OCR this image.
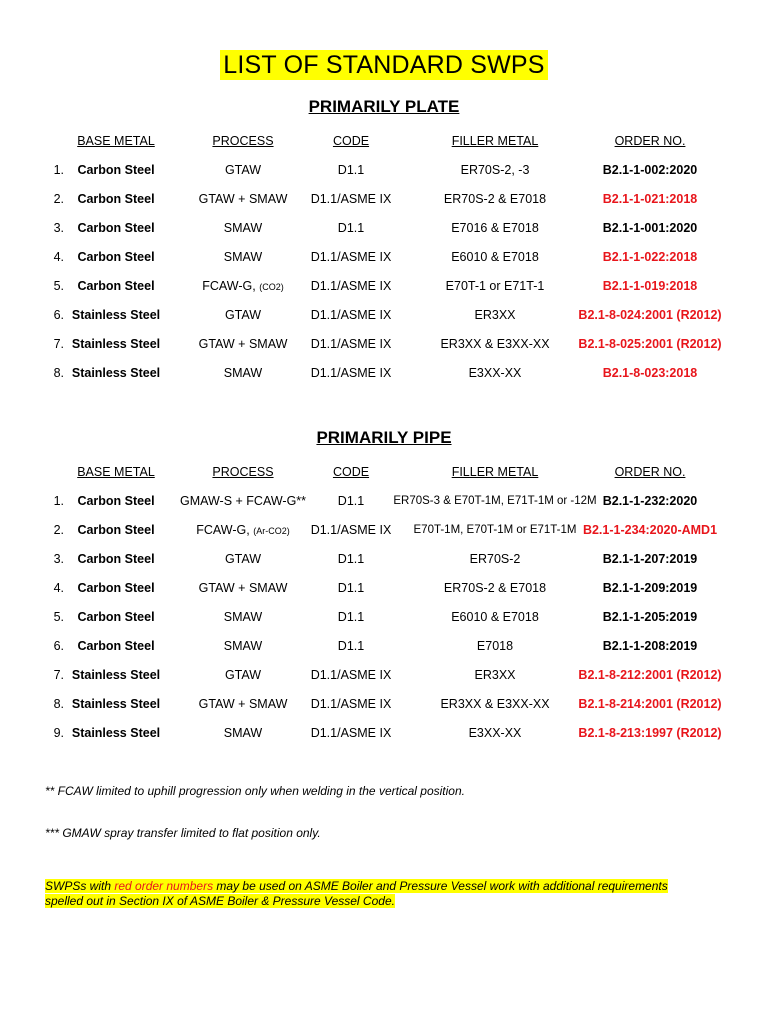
LIST OF STANDARD SWPS
PRIMARILY PLATE
BASE METAL	PROCESS	CODE	FILLER METAL	ORDER NO.
1.	Carbon Steel	GTAW	D1.1	ER70S-2, -3	B2.1-1-002:2020
2.	Carbon Steel	GTAW + SMAW	D1.1/ASME IX	ER70S-2 & E7018	B2.1-1-021:2018
3.	Carbon Steel	SMAW	D1.1	E7016 & E7018	B2.1-1-001:2020
4.	Carbon Steel	SMAW	D1.1/ASME IX	E6010 & E7018	B2.1-1-022:2018
5.	Carbon Steel	FCAW-G, (CO2)	D1.1/ASME IX	E70T-1 or E71T-1	B2.1-1-019:2018
6. Stainless Steel	GTAW	D1.1/ASME IX	ER3XX	B2.1-8-024:2001 (R2012)
7. Stainless Steel	GTAW + SMAW	D1.1/ASME IX	ER3XX & E3XX-XX	B2.1-8-025:2001 (R2012)
8. Stainless Steel	SMAW	D1.1/ASME IX	E3XX-XX	B2.1-8-023:2018
PRIMARILY PIPE
BASE METAL	PROCESS	CODE	FILLER METAL	ORDER NO.
1.	Carbon Steel	GMAW-S + FCAW-G**	D1.1	ER70S-3 & E70T-1M, E71T-1M or -12M B2.1-1-232:2020
2.	Carbon Steel	FCAW-G, (Ar-CO2)	D1.1/ASME IX	E70T-1M, E70T-1M or E71T-1M B2.1-1-234:2020-AMD1
3.	Carbon Steel	GTAW	D1.1	ER70S-2	B2.1-1-207:2019
4.	Carbon Steel	GTAW + SMAW	D1.1	ER70S-2 & E7018	B2.1-1-209:2019
5.	Carbon Steel	SMAW	D1.1	E6010 & E7018	B2.1-1-205:2019
6.	Carbon Steel	SMAW	D1.1	E7018	B2.1-1-208:2019
7. Stainless Steel	GTAW	D1.1/ASME IX	ER3XX	B2.1-8-212:2001 (R2012)
8. Stainless Steel	GTAW + SMAW	D1.1/ASME IX	ER3XX & E3XX-XX	B2.1-8-214:2001 (R2012)
9. Stainless Steel	SMAW	D1.1/ASME IX	E3XX-XX	B2.1-8-213:1997 (R2012)
** FCAW limited to uphill progression only when welding in the vertical position.
*** GMAW spray transfer limited to flat position only.
SWPSs with red order numbers may be used on ASME Boiler and Pressure Vessel work with additional requirements
spelled out in Section IX of ASME Boiler & Pressure Vessel Code.
